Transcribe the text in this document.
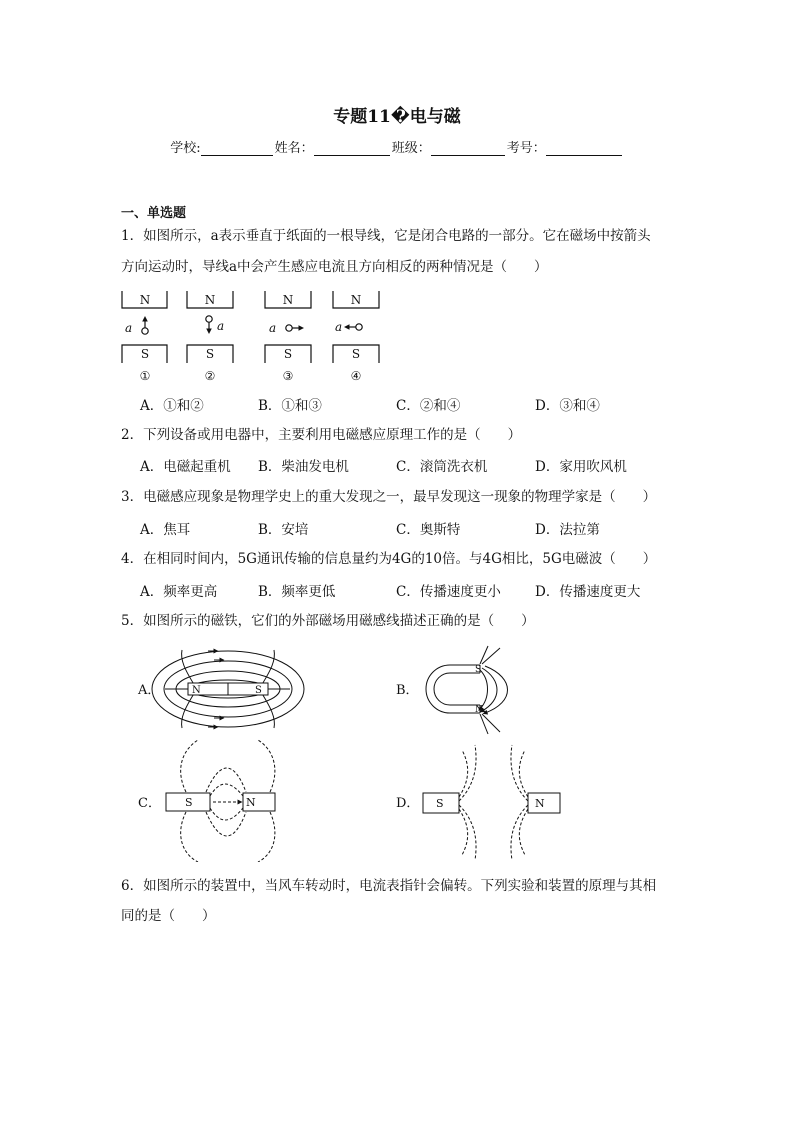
专题11�电与磁
学校:	姓名：	班级：	考号：
一、单选题
1．如图所示，a表示垂直于纸面的一根导线，它是闭合电路的一部分。它在磁场中按箭头
方向运动时，导线a中会产生感应电流且方向相反的两种情况是（　　）
N	N	N	N
S	S	S	S
①	②	③	④
a	a	a	a
A．①和②	B．①和③	C．②和④	D．③和④
2．下列设备或用电器中，主要利用电磁感应原理工作的是（　　）
A．电磁起重机 B．柴油发电机	C．滚筒洗衣机	D．家用吹风机
3．电磁感应现象是物理学史上的重大发现之一，最早发现这一现象的物理学家是（　　）
A．焦耳	B．安培	C．奥斯特	D．法拉第
4．在相同时间内，5G通讯传输的信息量约为4G的10倍。与4G相比，5G电磁波（　　）
A．频率更高	B．频率更低	C．传播速度更小	D．传播速度更大
5．如图所示的磁铁，它们的外部磁场用磁感线描述正确的是（　　）
A．	N	S	B．
S
N
C． S	N	D． S	N
6．如图所示的装置中，当风车转动时，电流表指针会偏转。下列实验和装置的原理与其相
同的是（　　）
